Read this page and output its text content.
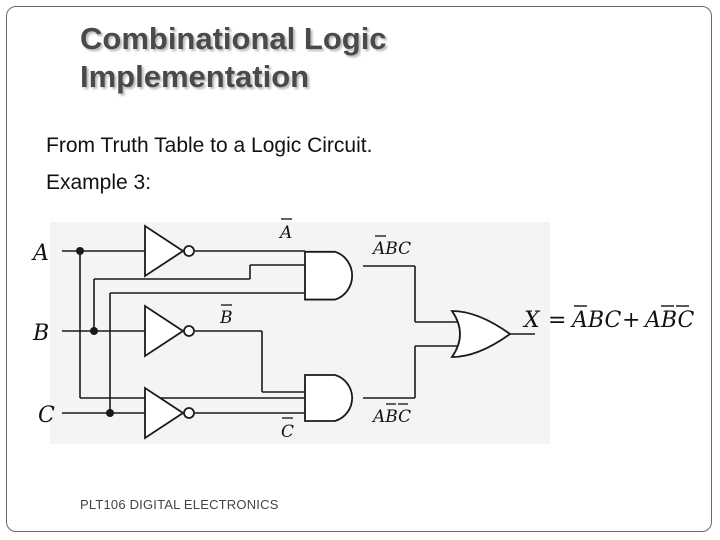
Combinational Logic
Implementation
From Truth Table to a Logic Circuit.
Example 3:
A
B
C
A
B
C
ABC
ABC
X = ABC + ABC
PLT106 DIGITAL ELECTRONICS
